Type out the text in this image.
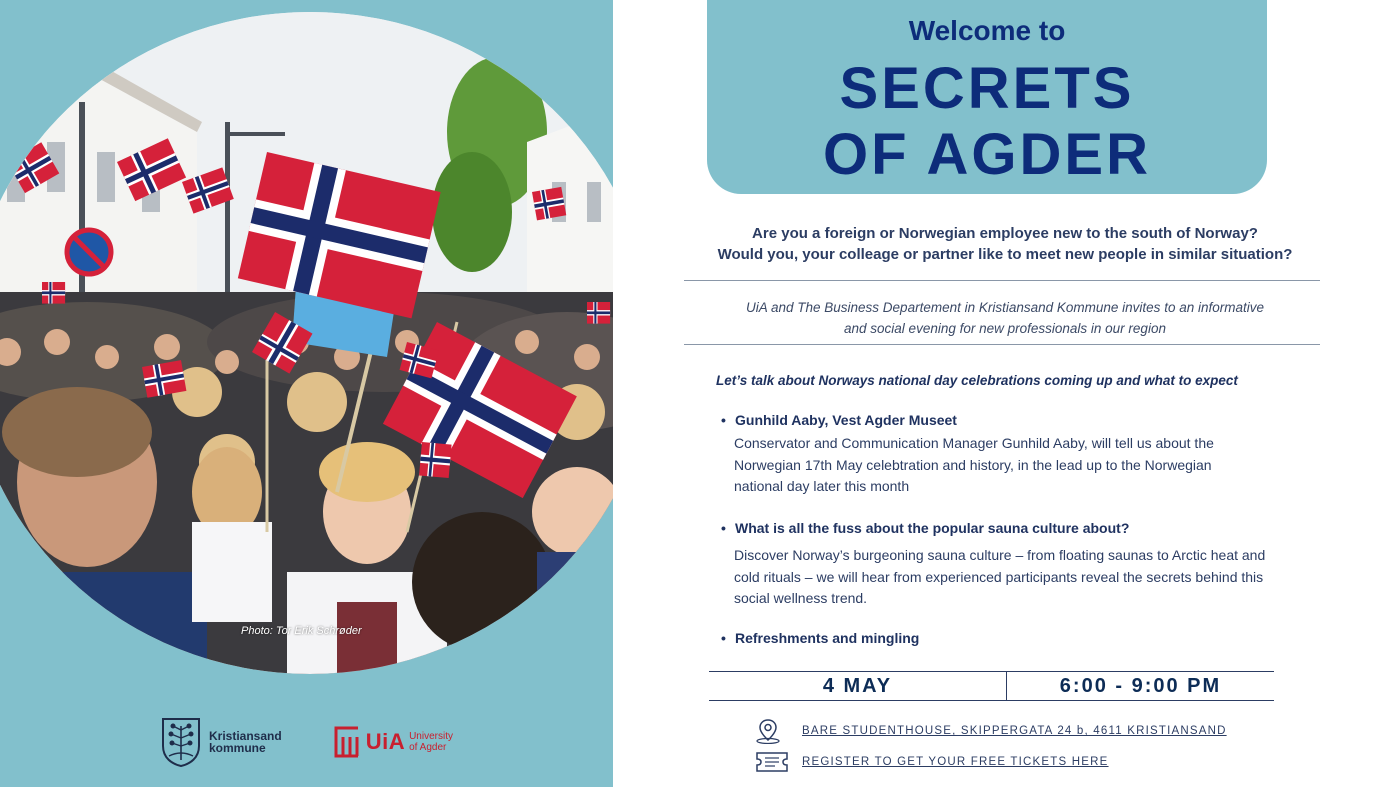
Photo: Tor Erik Schrøder
Kristiansand
kommune	UiA University
of Agder
Welcome to
SECRETS
OF AGDER
Are you a foreign or Norwegian employee new to the south of Norway?
Would you, your colleage or partner like to meet new people in similar situation?
UiA and The Business Departement in Kristiansand Kommune invites to an informative
and social evening for new professionals in our region
Let’s talk about Norways national day celebrations coming up and what to expect
• Gunhild Aaby, Vest Agder Museet
Conservator and Communication Manager Gunhild Aaby, will tell us about the
Norwegian 17th May celebtration and history, in the lead up to the Norwegian
national day later this month
• What is all the fuss about the popular sauna culture about?
Discover Norway’s burgeoning sauna culture – from floating saunas to Arctic heat and
cold rituals – we will hear from experienced participants reveal the secrets behind this
social wellness trend.
• Refreshments and mingling
4 MAY	6:00 - 9:00 PM
BARE STUDENTHOUSE, SKIPPERGATA 24 b, 4611 KRISTIANSAND
REGISTER TO GET YOUR FREE TICKETS HERE
